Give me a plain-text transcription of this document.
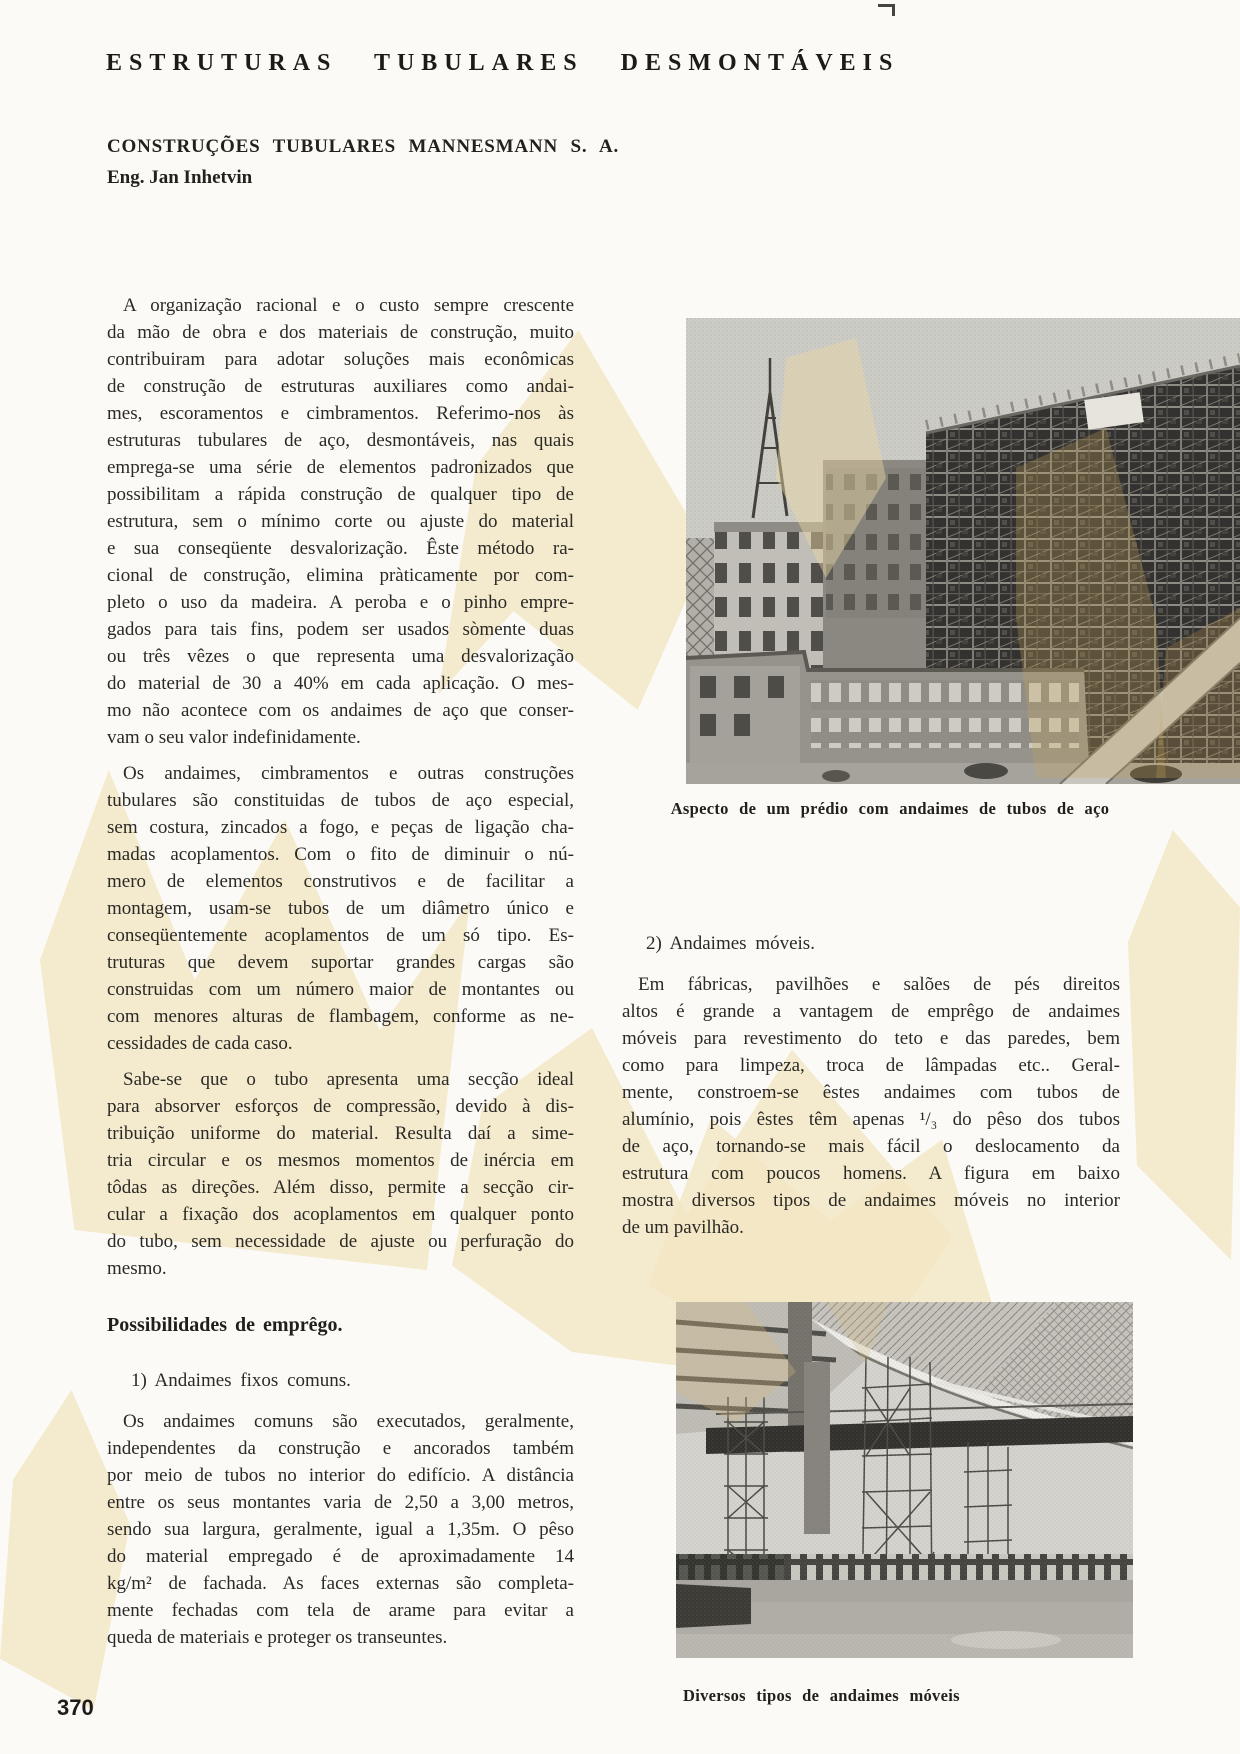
ESTRUTURAS TUBULARES DESMONTÁVEIS
CONSTRUÇÕES TUBULARES MANNESMANN S. A.
Eng. Jan Inhetvin
A organização racional e o custo sempre crescente
da mão de obra e dos materiais de construção, muito
contribuiram para adotar soluções mais econômicas
de construção de estruturas auxiliares como andai-
mes, escoramentos e cimbramentos. Referimo-nos às
estruturas tubulares de aço, desmontáveis, nas quais
emprega-se uma série de elementos padronizados que
possibilitam a rápida construção de qualquer tipo de
estrutura, sem o mínimo corte ou ajuste do material
e sua conseqüente desvalorização. Êste método ra-
cional de construção, elimina pràticamente por com-
pleto o uso da madeira. A peroba e o pinho empre-
gados para tais fins, podem ser usados sòmente duas
ou três vêzes o que representa uma desvalorização
do material de 30 a 40% em cada aplicação. O mes-
mo não acontece com os andaimes de aço que conser-
vam o seu valor indefinidamente.
Os andaimes, cimbramentos e outras construções
tubulares são constituidas de tubos de aço especial,
sem costura, zincados a fogo, e peças de ligação cha-
madas acoplamentos. Com o fito de diminuir o nú-
mero de elementos construtivos e de facilitar a
montagem, usam-se tubos de um diâmetro único e
conseqüentemente acoplamentos de um só tipo. Es-
truturas que devem suportar grandes cargas são
construidas com um número maior de montantes ou
com menores alturas de flambagem, conforme as ne-
cessidades de cada caso.
Sabe-se que o tubo apresenta uma secção ideal
para absorver esforços de compressão, devido à dis-
tribuição uniforme do material. Resulta daí a sime-
tria circular e os mesmos momentos de inércia em
tôdas as direções. Além disso, permite a secção cir-
cular a fixação dos acoplamentos em qualquer ponto
do tubo, sem necessidade de ajuste ou perfuração do
mesmo.
Possibilidades de emprêgo.
1) Andaimes fixos comuns.
Os andaimes comuns são executados, geralmente,
independentes da construção e ancorados também
por meio de tubos no interior do edifício. A distância
entre os seus montantes varia de 2,50 a 3,00 metros,
sendo sua largura, geralmente, igual a 1,35m. O pêso
do material empregado é de aproximadamente 14
kg/m² de fachada. As faces externas são completa-
mente fechadas com tela de arame para evitar a
queda de materiais e proteger os transeuntes.
Aspecto de um prédio com andaimes de tubos de aço
2) Andaimes móveis.
Em fábricas, pavilhões e salões de pés direitos
altos é grande a vantagem de emprêgo de andaimes
móveis para revestimento do teto e das paredes, bem
como para limpeza, troca de lâmpadas etc.. Geral-
mente, constroem-se êstes andaimes com tubos de
alumínio, pois êstes têm apenas ¹/₃ do pêso dos tubos
de aço, tornando-se mais fácil o deslocamento da
estrutura com poucos homens. A figura em baixo
mostra diversos tipos de andaimes móveis no interior
de um pavilhão.
Diversos tipos de andaimes móveis
370
